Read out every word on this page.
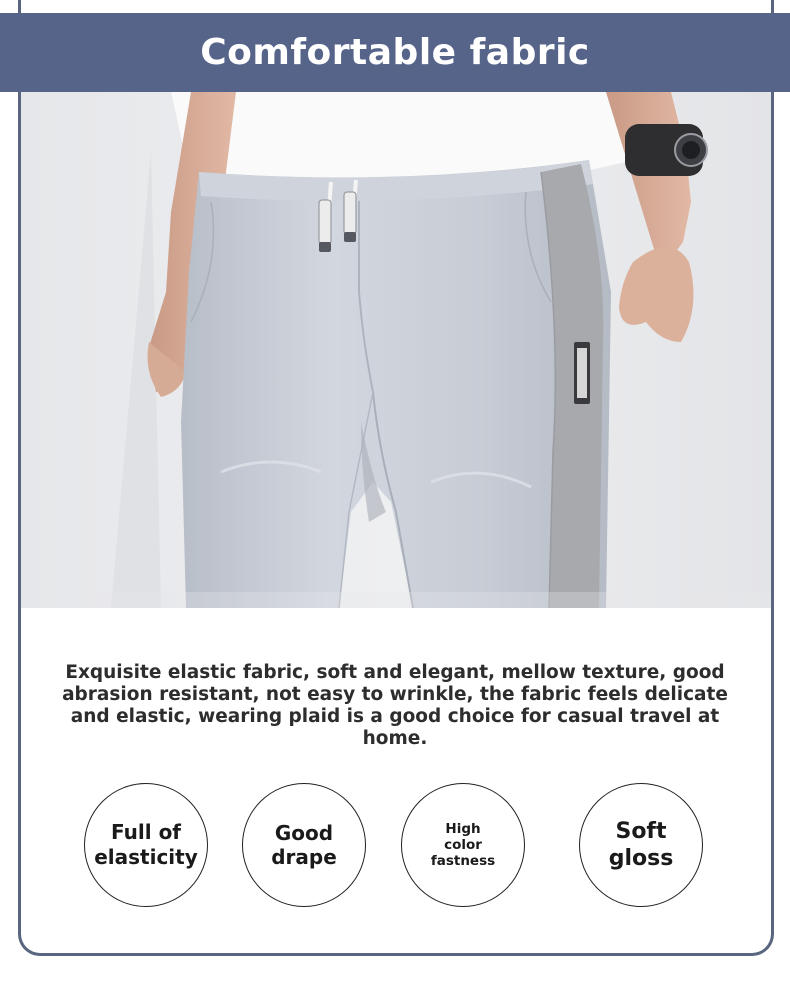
Comfortable fabric

Exquisite elastic fabric, soft and elegant, mellow texture, good abrasion resistant, not easy to wrinkle, the fabric feels delicate and elastic, wearing plaid is a good choice for casual travel at home.

Full of elasticity
Good drape
High color fastness
Soft gloss
